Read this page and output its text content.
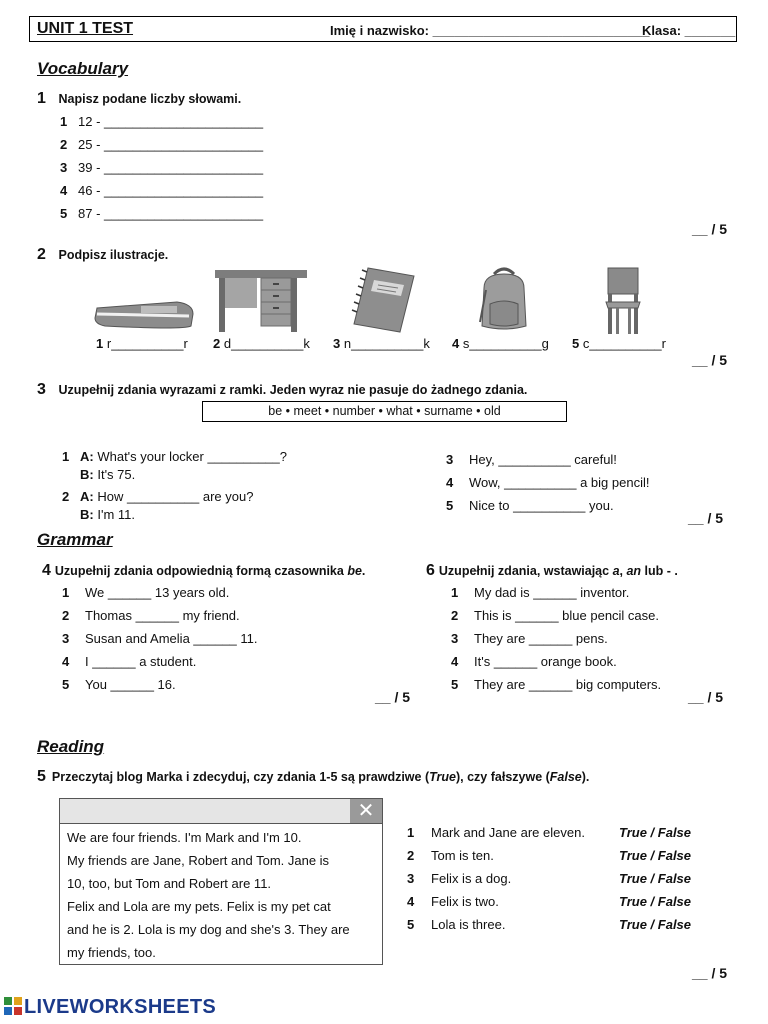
UNIT 1 TEST	Imię i nazwisko: ______________________________
Klasa: _______
Vocabulary
1 Napisz podane liczby słowami.
1 12 - ______________________
2 25 - ______________________
3 39 - ______________________
4 46 - ______________________
5 87 - ______________________
__ / 5
2 Podpisz ilustracje.
1 r__________r 2 d__________k 3 n__________k 4 s__________g 5 c__________r
__ / 5
3 Uzupełnij zdania wyrazami z ramki. Jeden wyraz nie pasuje do żadnego zdania.
be • meet • number • what • surname • old
1 A: What's your locker __________?
B: It's 75.
2 A: How __________ are you?
B: I'm 11.
3 Hey, __________ careful!
4 Wow, __________ a big pencil!
5 Nice to __________ you.
__ / 5
Grammar
4 Uzupełnij zdania odpowiednią formą czasownika be.
1 We ______ 13 years old.
2 Thomas ______ my friend.
3 Susan and Amelia ______ 11.
4 I ______ a student.
5 You ______ 16.
__ / 5
6 Uzupełnij zdania, wstawiając a, an lub - .
1 My dad is ______ inventor.
2 This is ______ blue pencil case.
3 They are ______ pens.
4 It's ______ orange book.
5 They are ______ big computers.
__ / 5
Reading
5 Przeczytaj blog Marka i zdecyduj, czy zdania 1-5 są prawdziwe (True), czy fałszywe (False).
✕
We are four friends. I'm Mark and I'm 10.
My friends are Jane, Robert and Tom. Jane is
10, too, but Tom and Robert are 11.
Felix and Lola are my pets. Felix is my pet cat
and he is 2. Lola is my dog and she's 3. They are
my friends, too.
1 Mark and Jane are eleven.
2 Tom is ten.
3 Felix is a dog.
4 Felix is two.
5 Lola is three.
True / False
True / False
True / False
True / False
True / False
__ / 5
LIVEWORKSHEETS
